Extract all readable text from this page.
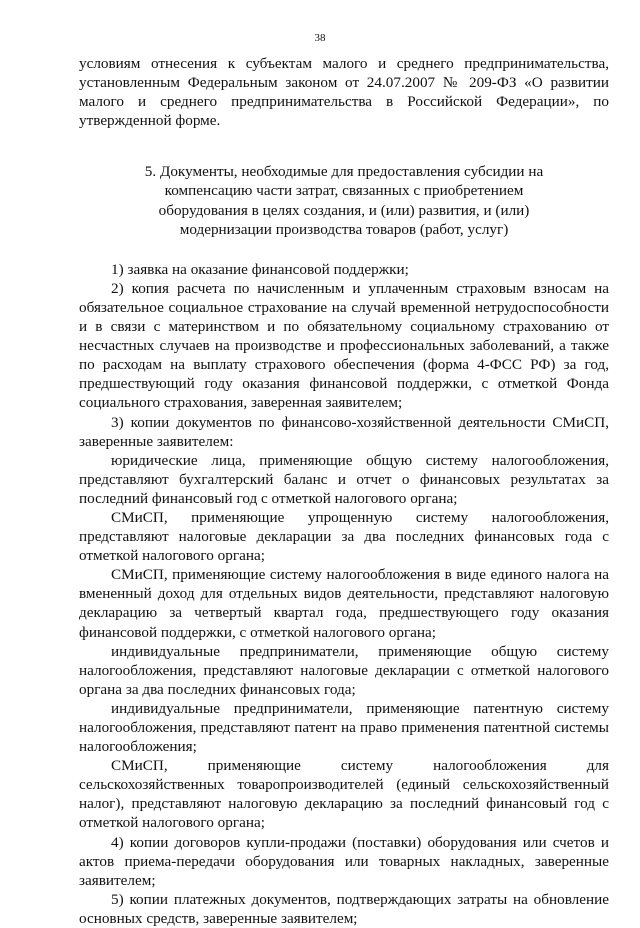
38

условиям отнесения к субъектам малого и среднего предпринимательства, установленным Федеральным законом от 24.07.2007 № 209-ФЗ «О развитии малого и среднего предпринимательства в Российской Федерации», по утвержденной форме.

5. Документы, необходимые для предоставления субсидии на компенсацию части затрат, связанных с приобретением оборудования в целях создания, и (или) развития, и (или) модернизации производства товаров (работ, услуг)

1) заявка на оказание финансовой поддержки;

2) копия расчета по начисленным и уплаченным страховым взносам на обязательное социальное страхование на случай временной нетрудоспособности и в связи с материнством и по обязательному социальному страхованию от несчастных случаев на производстве и профессиональных заболеваний, а также по расходам на выплату страхового обеспечения (форма 4-ФСС РФ) за год, предшествующий году оказания финансовой поддержки, с отметкой Фонда социального страхования, заверенная заявителем;

3) копии документов по финансово-хозяйственной деятельности СМиСП, заверенные заявителем:

юридические лица, применяющие общую систему налогообложения, представляют бухгалтерский баланс и отчет о финансовых результатах за последний финансовый год с отметкой налогового органа;

СМиСП, применяющие упрощенную систему налогообложения, представляют налоговые декларации за два последних финансовых года с отметкой налогового органа;

СМиСП, применяющие систему налогообложения в виде единого налога на вмененный доход для отдельных видов деятельности, представляют налоговую декларацию за четвертый квартал года, предшествующего году оказания финансовой поддержки, с отметкой налогового органа;

индивидуальные предприниматели, применяющие общую систему налогообложения, представляют налоговые декларации с отметкой налогового органа за два последних финансовых года;

индивидуальные предприниматели, применяющие патентную систему налогообложения, представляют патент на право применения патентной системы налогообложения;

СМиСП, применяющие систему налогообложения для сельскохозяйственных товаропроизводителей (единый сельскохозяйственный налог), представляют налоговую декларацию за последний финансовый год с отметкой налогового органа;

4) копии договоров купли-продажи (поставки) оборудования или счетов и актов приема-передачи оборудования или товарных накладных, заверенные заявителем;

5) копии платежных документов, подтверждающих затраты на обновление основных средств, заверенные заявителем;
